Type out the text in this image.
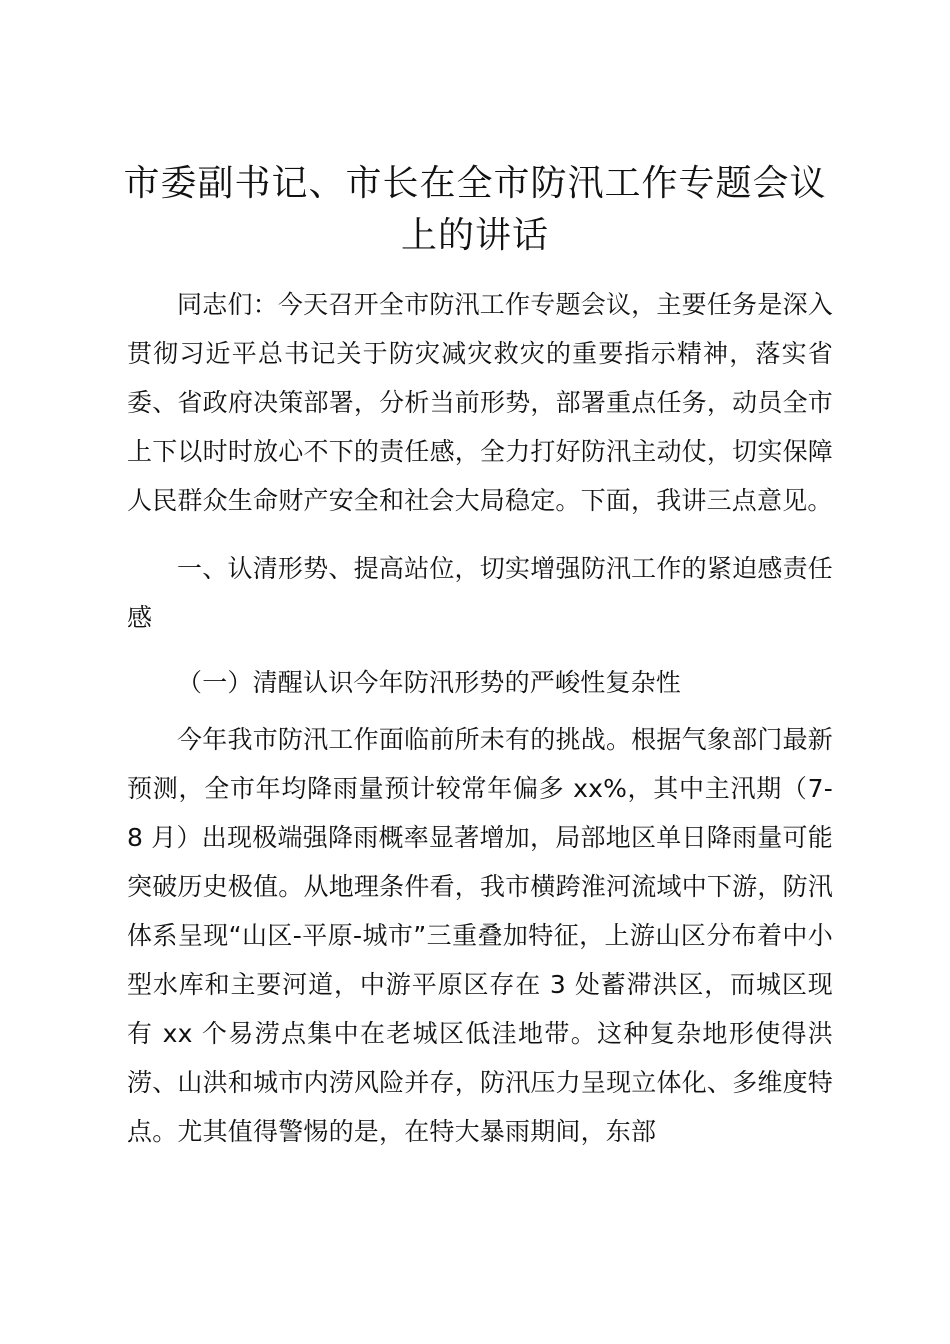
市委副书记、市长在全市防汛工作专题会议上的讲话

同志们：今天召开全市防汛工作专题会议，主要任务是深入贯彻习近平总书记关于防灾减灾救灾的重要指示精神，落实省委、省政府决策部署，分析当前形势，部署重点任务，动员全市上下以时时放心不下的责任感，全力打好防汛主动仗，切实保障人民群众生命财产安全和社会大局稳定。下面，我讲三点意见。

一、认清形势、提高站位，切实增强防汛工作的紧迫感责任感

（一）清醒认识今年防汛形势的严峻性复杂性

今年我市防汛工作面临前所未有的挑战。根据气象部门最新预测，全市年均降雨量预计较常年偏多 xx%，其中主汛期（7-8 月）出现极端强降雨概率显著增加，局部地区单日降雨量可能突破历史极值。从地理条件看，我市横跨淮河流域中下游，防汛体系呈现“山区-平原-城市”三重叠加特征，上游山区分布着中小型水库和主要河道，中游平原区存在 3 处蓄滞洪区，而城区现有 xx 个易涝点集中在老城区低洼地带。这种复杂地形使得洪涝、山洪和城市内涝风险并存，防汛压力呈现立体化、多维度特点。尤其值得警惕的是，在特大暴雨期间，东部
